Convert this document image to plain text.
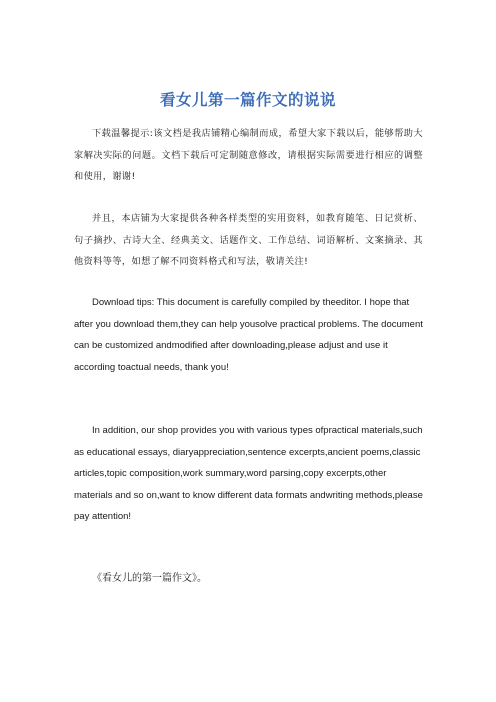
看女儿第一篇作文的说说

下载温馨提示:该文档是我店铺精心编制而成，希望大家下载以后，能够帮助大家解决实际的问题。文档下载后可定制随意修改，请根据实际需要进行相应的调整和使用，谢谢!

并且，本店铺为大家提供各种各样类型的实用资料，如教育随笔、日记赏析、句子摘抄、古诗大全、经典美文、话题作文、工作总结、词语解析、文案摘录、其他资料等等，如想了解不同资料格式和写法，敬请关注!

Download tips: This document is carefully compiled by theeditor. I hope that after you download them,they can help yousolve practical problems. The document can be customized andmodified after downloading,please adjust and use it according toactual needs, thank you!

In addition, our shop provides you with various types ofpractical materials,such as educational essays, diaryappreciation,sentence excerpts,ancient poems,classic articles,topic composition,work summary,word parsing,copy excerpts,other materials and so on,want to know different data formats andwriting methods,please pay attention!

《看女儿的第一篇作文》。
